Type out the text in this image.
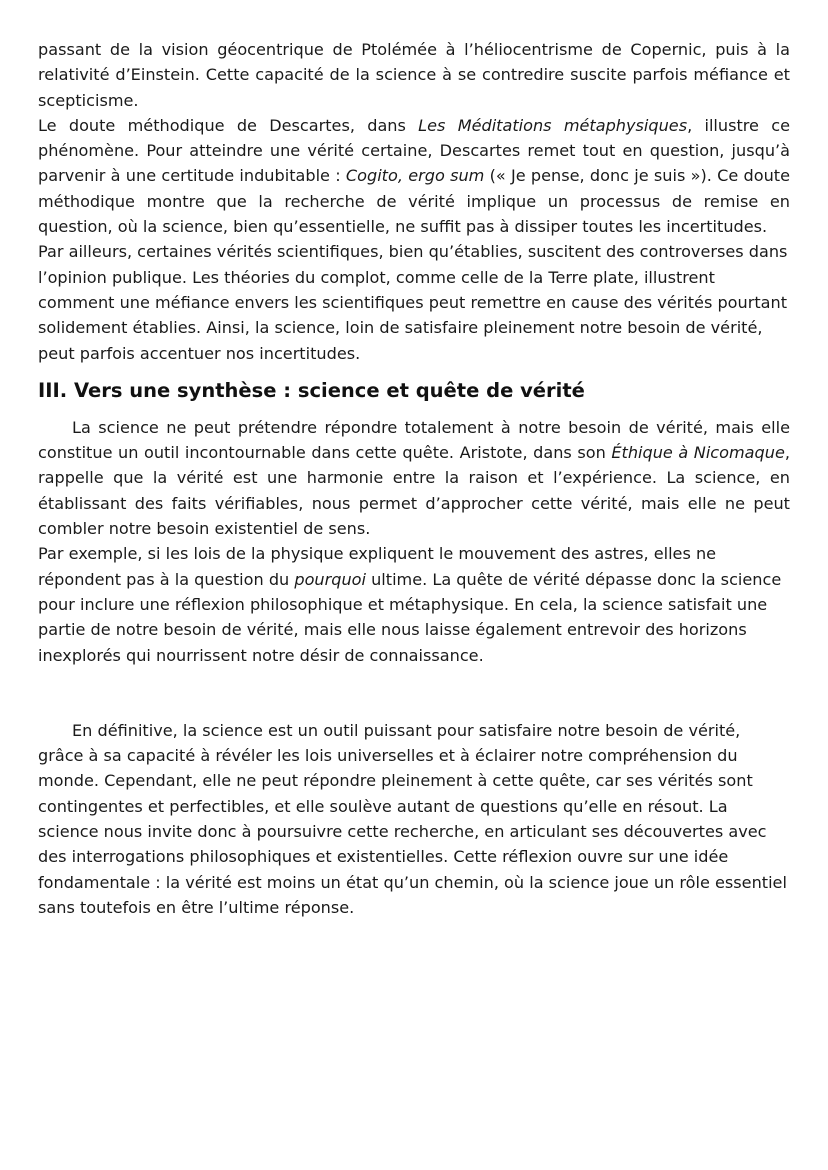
passant de la vision géocentrique de Ptolémée à l’héliocentrisme de Copernic, puis à la relativité d’Einstein. Cette capacité de la science à se contredire suscite parfois méfiance et scepticisme.

Le doute méthodique de Descartes, dans Les Méditations métaphysiques, illustre ce phénomène. Pour atteindre une vérité certaine, Descartes remet tout en question, jusqu’à parvenir à une certitude indubitable : Cogito, ergo sum (« Je pense, donc je suis »). Ce doute méthodique montre que la recherche de vérité implique un processus de remise en question, où la science, bien qu’essentielle, ne suffit pas à dissiper toutes les incertitudes.

Par ailleurs, certaines vérités scientifiques, bien qu’établies, suscitent des controverses dans l’opinion publique. Les théories du complot, comme celle de la Terre plate, illustrent comment une méfiance envers les scientifiques peut remettre en cause des vérités pourtant solidement établies. Ainsi, la science, loin de satisfaire pleinement notre besoin de vérité, peut parfois accentuer nos incertitudes.

III. Vers une synthèse : science et quête de vérité

La science ne peut prétendre répondre totalement à notre besoin de vérité, mais elle constitue un outil incontournable dans cette quête. Aristote, dans son Éthique à Nicomaque, rappelle que la vérité est une harmonie entre la raison et l’expérience. La science, en établissant des faits vérifiables, nous permet d’approcher cette vérité, mais elle ne peut combler notre besoin existentiel de sens.

Par exemple, si les lois de la physique expliquent le mouvement des astres, elles ne répondent pas à la question du pourquoi ultime. La quête de vérité dépasse donc la science pour inclure une réflexion philosophique et métaphysique. En cela, la science satisfait une partie de notre besoin de vérité, mais elle nous laisse également entrevoir des horizons inexplorés qui nourrissent notre désir de connaissance.

En définitive, la science est un outil puissant pour satisfaire notre besoin de vérité, grâce à sa capacité à révéler les lois universelles et à éclairer notre compréhension du monde. Cependant, elle ne peut répondre pleinement à cette quête, car ses vérités sont contingentes et perfectibles, et elle soulève autant de questions qu’elle en résout. La science nous invite donc à poursuivre cette recherche, en articulant ses découvertes avec des interrogations philosophiques et existentielles. Cette réflexion ouvre sur une idée fondamentale : la vérité est moins un état qu’un chemin, où la science joue un rôle essentiel sans toutefois en être l’ultime réponse.
